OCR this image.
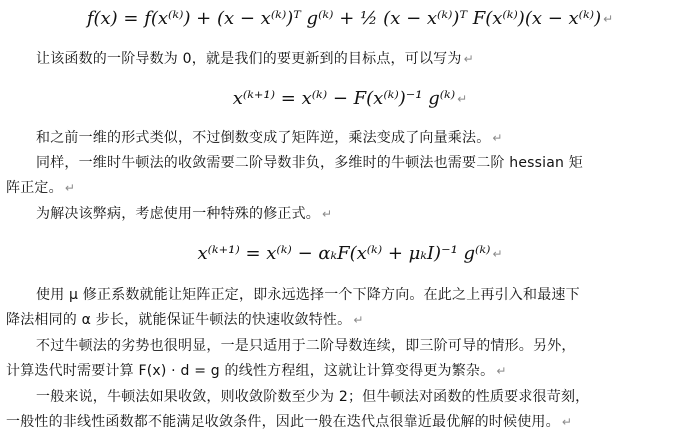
f(x) = f(x⁽ᵏ⁾) + (x − x⁽ᵏ⁾)ᵀ g⁽ᵏ⁾ + ½ (x − x⁽ᵏ⁾)ᵀ F(x⁽ᵏ⁾)(x − x⁽ᵏ⁾) ↵
让该函数的一阶导数为 0，就是我们的要更新到的目标点，可以写为 ↵
x⁽ᵏ⁺¹⁾ = x⁽ᵏ⁾ − F(x⁽ᵏ⁾)⁻¹ g⁽ᵏ⁾ ↵
和之前一维的形式类似，不过倒数变成了矩阵逆，乘法变成了向量乘法。 ↵
同样，一维时牛顿法的收敛需要二阶导数非负，多维时的牛顿法也需要二阶 hessian 矩
阵正定。 ↵
为解决该弊病，考虑使用一种特殊的修正式。 ↵
x⁽ᵏ⁺¹⁾ = x⁽ᵏ⁾ − αₖF(x⁽ᵏ⁾ + μₖI)⁻¹ g⁽ᵏ⁾ ↵
使用 μ 修正系数就能让矩阵正定，即永远选择一个下降方向。在此之上再引入和最速下
降法相同的 α 步长，就能保证牛顿法的快速收敛特性。 ↵
不过牛顿法的劣势也很明显，一是只适用于二阶导数连续，即三阶可导的情形。另外，
计算迭代时需要计算 F(x) · d = g 的线性方程组，这就让计算变得更为繁杂。 ↵
一般来说，牛顿法如果收敛，则收敛阶数至少为 2；但牛顿法对函数的性质要求很苛刻，
一般性的非线性函数都不能满足收敛条件，因此一般在迭代点很靠近最优解的时候使用。 ↵
